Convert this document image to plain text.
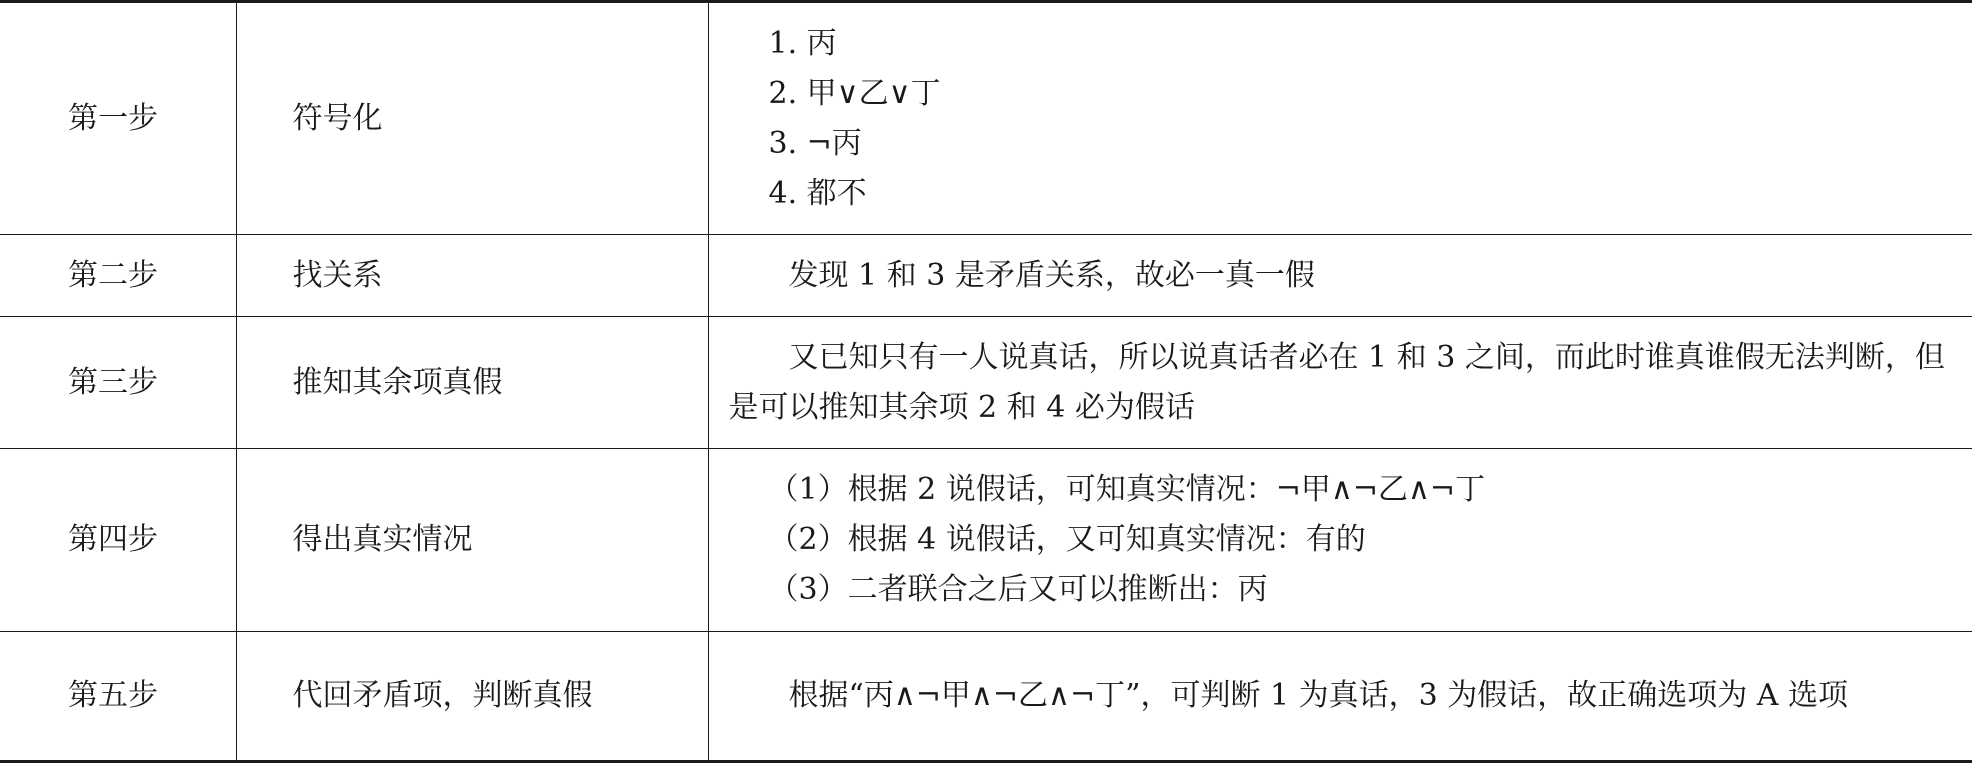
第一步	符号化	1. 丙
2. 甲∨乙∨丁
3. ¬丙
4. 都不

第二步	找关系	发现 1 和 3 是矛盾关系，故必一真一假

第三步	推知其余项真假	又已知只有一人说真话，所以说真话者必在 1 和 3 之间，而此时谁真谁假无法判断，但是可以推知其余项 2 和 4 必为假话

第四步	得出真实情况	（1）根据 2 说假话，可知真实情况：¬甲∧¬乙∧¬丁
（2）根据 4 说假话，又可知真实情况：有的
（3）二者联合之后又可以推断出：丙

第五步	代回矛盾项，判断真假	根据“丙∧¬甲∧¬乙∧¬丁”，可判断 1 为真话，3 为假话，故正确选项为 A 选项
